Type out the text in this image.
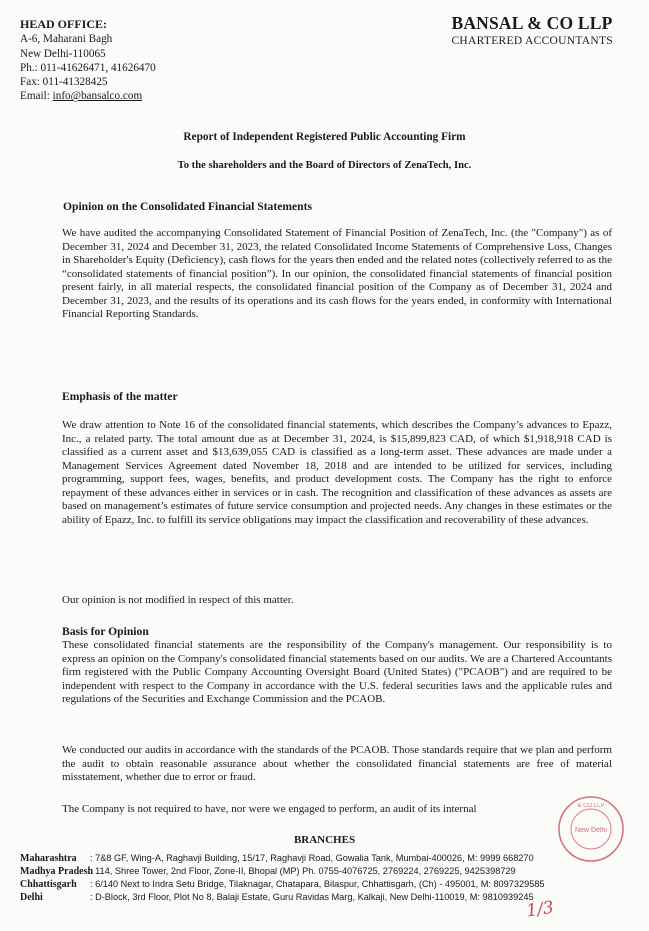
HEAD OFFICE:
A-6, Maharani Bagh
New Delhi-110065
Ph.: 011-41626471, 41626470
Fax: 011-41328425
Email: info@bansalco.com
BANSAL & CO LLP
CHARTERED ACCOUNTANTS
Report of Independent Registered Public Accounting Firm
To the shareholders and the Board of Directors of ZenaTech, Inc.
Opinion on the Consolidated Financial Statements
We have audited the accompanying Consolidated Statement of Financial Position of ZenaTech, Inc. (the "Company") as of December 31, 2024 and December 31, 2023, the related Consolidated Income Statements of Comprehensive Loss, Changes in Shareholder's Equity (Deficiency), cash flows for the years then ended and the related notes (collectively referred to as the “consolidated statements of financial position”). In our opinion, the consolidated financial statements of financial position present fairly, in all material respects, the consolidated financial position of the Company as of December 31, 2024 and December 31, 2023, and the results of its operations and its cash flows for the years ended, in conformity with International Financial Reporting Standards.
Emphasis of the matter
We draw attention to Note 16 of the consolidated financial statements, which describes the Company’s advances to Epazz, Inc., a related party. The total amount due as at December 31, 2024, is $15,899,823 CAD, of which $1,918,918 CAD is classified as a current asset and $13,639,055 CAD is classified as a long-term asset. These advances are made under a Management Services Agreement dated November 18, 2018 and are intended to be utilized for services, including programming, support fees, wages, benefits, and product development costs. The Company has the right to enforce repayment of these advances either in services or in cash. The recognition and classification of these advances as assets are based on management’s estimates of future service consumption and projected needs. Any changes in these estimates or the ability of Epazz, Inc. to fulfill its service obligations may impact the classification and recoverability of these advances.
Our opinion is not modified in respect of this matter.
Basis for Opinion
These consolidated financial statements are the responsibility of the Company's management. Our responsibility is to express an opinion on the Company's consolidated financial statements based on our audits. We are a Chartered Accountants firm registered with the Public Company Accounting Oversight Board (United States) ("PCAOB") and are required to be independent with respect to the Company in accordance with the U.S. federal securities laws and the applicable rules and regulations of the Securities and Exchange Commission and the PCAOB.
We conducted our audits in accordance with the standards of the PCAOB. Those standards require that we plan and perform the audit to obtain reasonable assurance about whether the consolidated financial statements are free of material misstatement, whether due to error or fraud.
The Company is not required to have, nor were we engaged to perform, an audit of its internal
BRANCHES
Maharashtra : 7&8 GF, Wing-A, Raghavji Building, 15/17, Raghavji Road, Gowalia Tank, Mumbai-400026, M: 9999 668270
Madhya Pradesh: 114, Shree Tower, 2nd Floor, Zone-II, Bhopal (MP) Ph. 0755-4076725, 2769224, 2769225, 9425398729
Chhattisgarh : 6/140 Next to Indra Setu Bridge, Tilaknagar, Chatapara, Bilaspur, Chhattisgarh, (Ch) - 495001, M: 8097329585
Delhi	: D-Block, 3rd Floor, Plot No 8, Balaji Estate, Guru Ravidas Marg, Kalkaji, New Delhi-110019, M: 9810939245
New Delhi
& CO LLP
1/3
